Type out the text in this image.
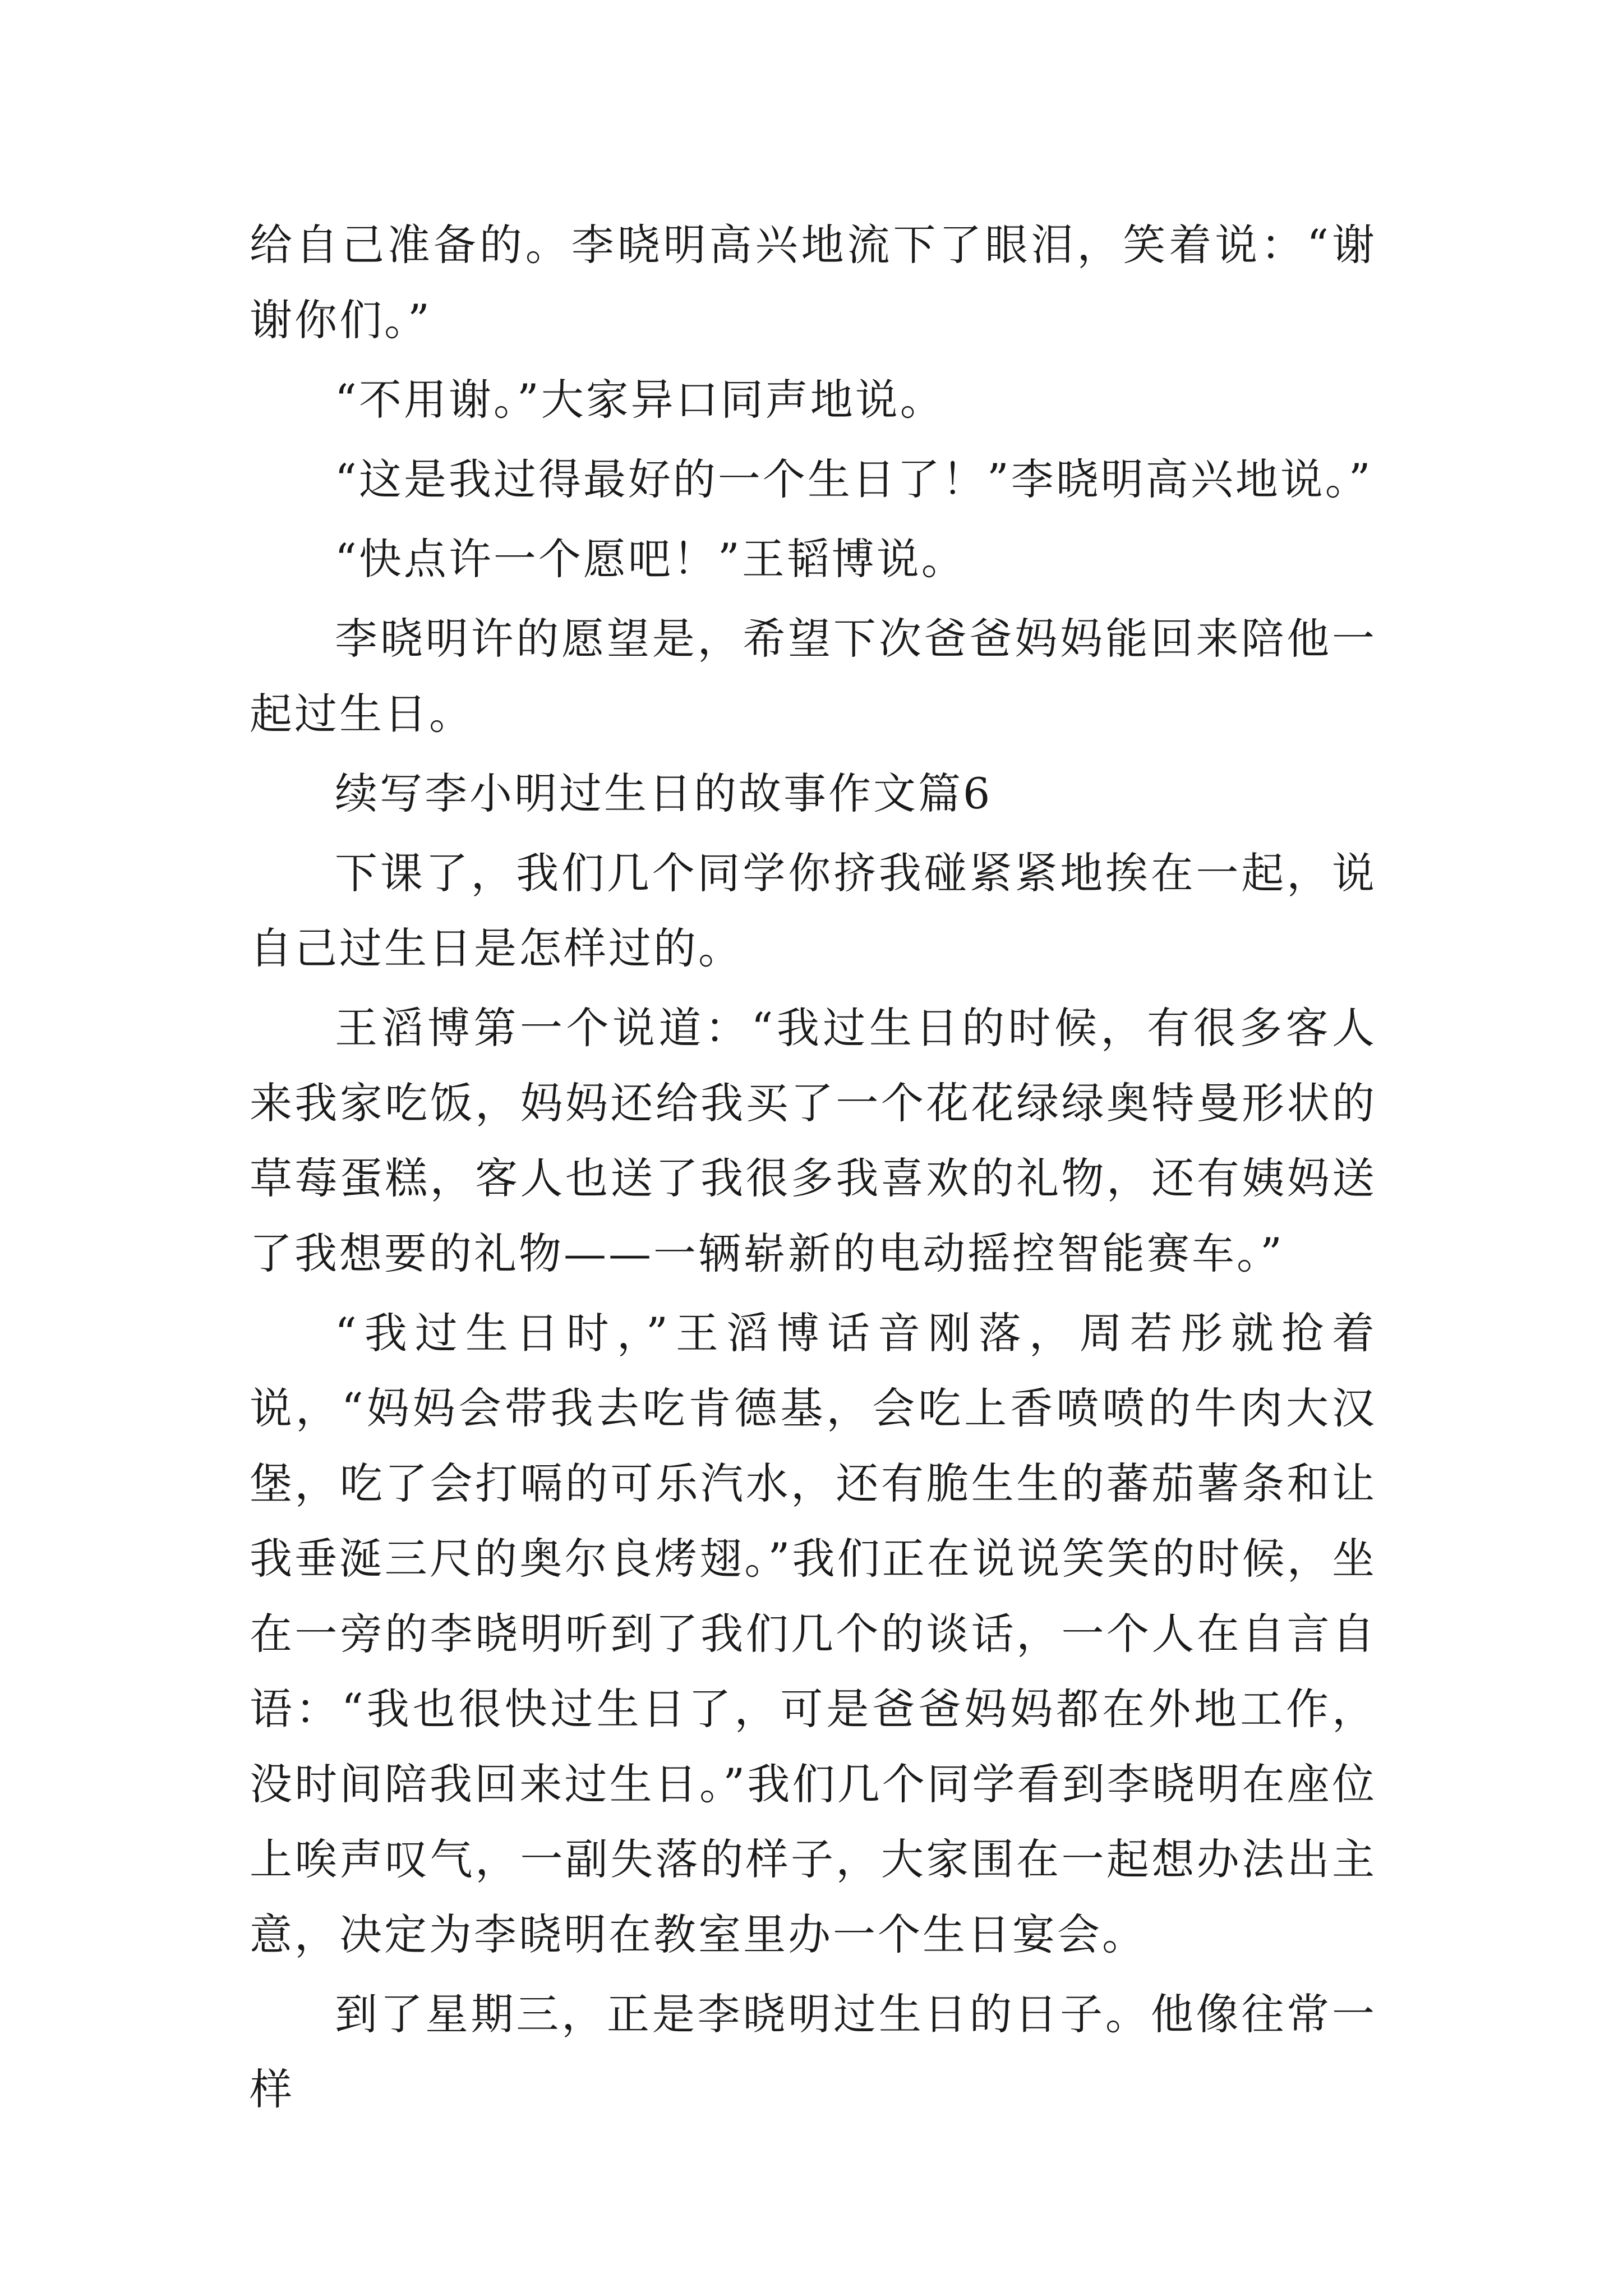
给自己准备的。李晓明高兴地流下了眼泪，笑着说：“谢谢你们。”

“不用谢。”大家异口同声地说。

“这是我过得最好的一个生日了！”李晓明高兴地说。”

“快点许一个愿吧！”王韬博说。

李晓明许的愿望是，希望下次爸爸妈妈能回来陪他一起过生日。

续写李小明过生日的故事作文篇6

下课了，我们几个同学你挤我碰紧紧地挨在一起，说自己过生日是怎样过的。

王滔博第一个说道：“我过生日的时候，有很多客人来我家吃饭，妈妈还给我买了一个花花绿绿奥特曼形状的草莓蛋糕，客人也送了我很多我喜欢的礼物，还有姨妈送了我想要的礼物——一辆崭新的电动摇控智能赛车。”

“我过生日时，”王滔博话音刚落，周若彤就抢着说，“妈妈会带我去吃肯德基，会吃上香喷喷的牛肉大汉堡，吃了会打嗝的可乐汽水，还有脆生生的蕃茄薯条和让我垂涎三尺的奥尔良烤翅。”我们正在说说笑笑的时候，坐在一旁的李晓明听到了我们几个的谈话，一个人在自言自语：“我也很快过生日了，可是爸爸妈妈都在外地工作，没时间陪我回来过生日。”我们几个同学看到李晓明在座位上唉声叹气，一副失落的样子，大家围在一起想办法出主意，决定为李晓明在教室里办一个生日宴会。

到了星期三，正是李晓明过生日的日子。他像往常一样
